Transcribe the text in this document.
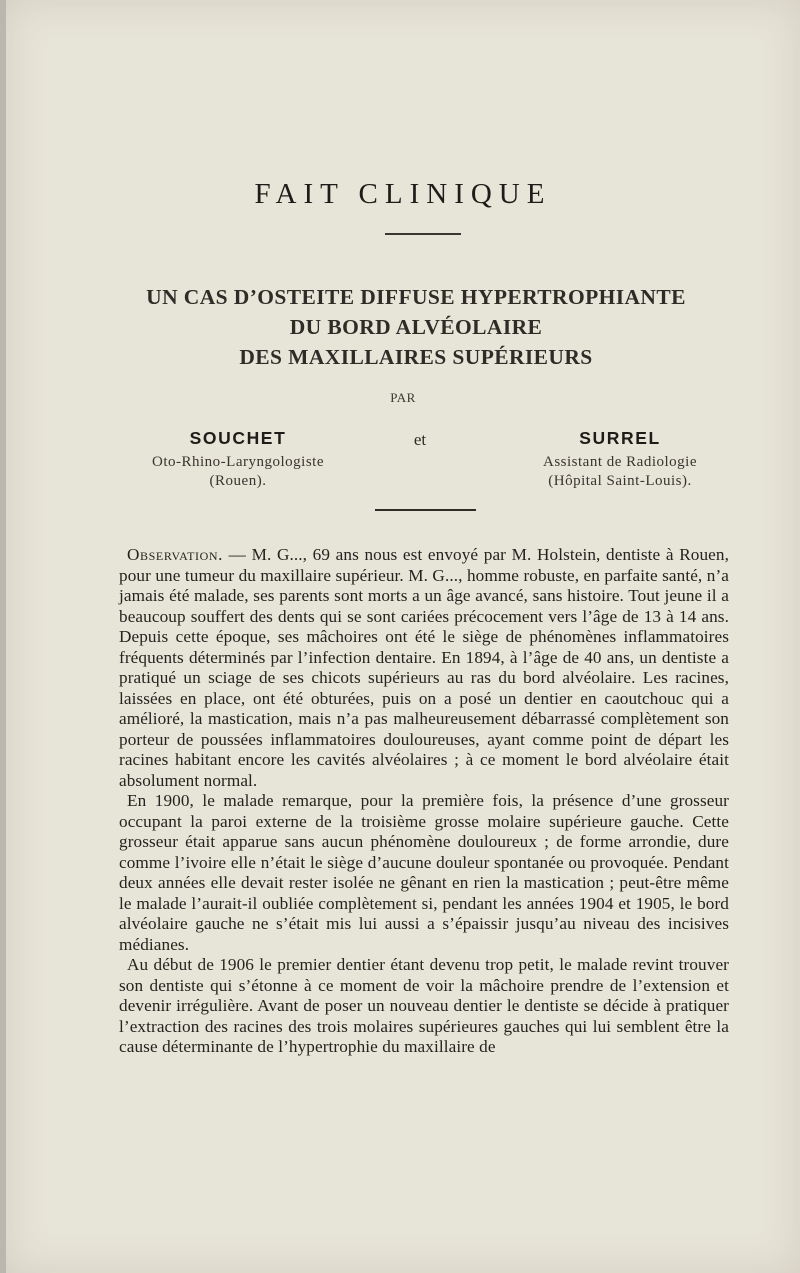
FAIT CLINIQUE
UN CAS D’OSTEITE DIFFUSE HYPERTROPHIANTE
DU BORD ALVÉOLAIRE
DES MAXILLAIRES SUPÉRIEURS
PAR
SOUCHET
Oto-Rhino-Laryngologiste
(Rouen).
et	SURREL
Assistant de Radiologie
(Hôpital Saint-Louis).

Observation. — M. G..., 69 ans nous est envoyé par M. Holstein, dentiste à Rouen, pour une tumeur du maxillaire supérieur. M. G..., homme robuste, en parfaite santé, n’a jamais été malade, ses parents sont morts a un âge avancé, sans histoire. Tout jeune il a beaucoup souffert des dents qui se sont cariées précocement vers l’âge de 13 à 14 ans. Depuis cette époque, ses mâchoires ont été le siège de phénomènes inflammatoires fréquents déterminés par l’infection dentaire. En 1894, à l’âge de 40 ans, un dentiste a pratiqué un sciage de ses chicots supérieurs au ras du bord alvéolaire. Les racines, laissées en place, ont été obturées, puis on a posé un dentier en caoutchouc qui a amélioré, la mastication, mais n’a pas malheureusement débarrassé complètement son porteur de poussées inflammatoires douloureuses, ayant comme point de départ les racines habitant encore les cavités alvéolaires ; à ce moment le bord alvéolaire était absolument normal.

En 1900, le malade remarque, pour la première fois, la présence d’une grosseur occupant la paroi externe de la troisième grosse molaire supérieure gauche. Cette grosseur était apparue sans aucun phénomène douloureux ; de forme arrondie, dure comme l’ivoire elle n’était le siège d’aucune douleur spontanée ou provoquée. Pendant deux années elle devait rester isolée ne gênant en rien la mastication ; peut-être même le malade l’aurait-il oubliée complètement si, pendant les années 1904 et 1905, le bord alvéolaire gauche ne s’était mis lui aussi a s’épaissir jusqu’au niveau des incisives médianes.

Au début de 1906 le premier dentier étant devenu trop petit, le malade revint trouver son dentiste qui s’étonne à ce moment de voir la mâchoire prendre de l’extension et devenir irrégulière. Avant de poser un nouveau dentier le dentiste se décide à pratiquer l’extraction des racines des trois molaires supérieures gauches qui lui semblent être la cause déterminante de l’hypertrophie du maxillaire de
